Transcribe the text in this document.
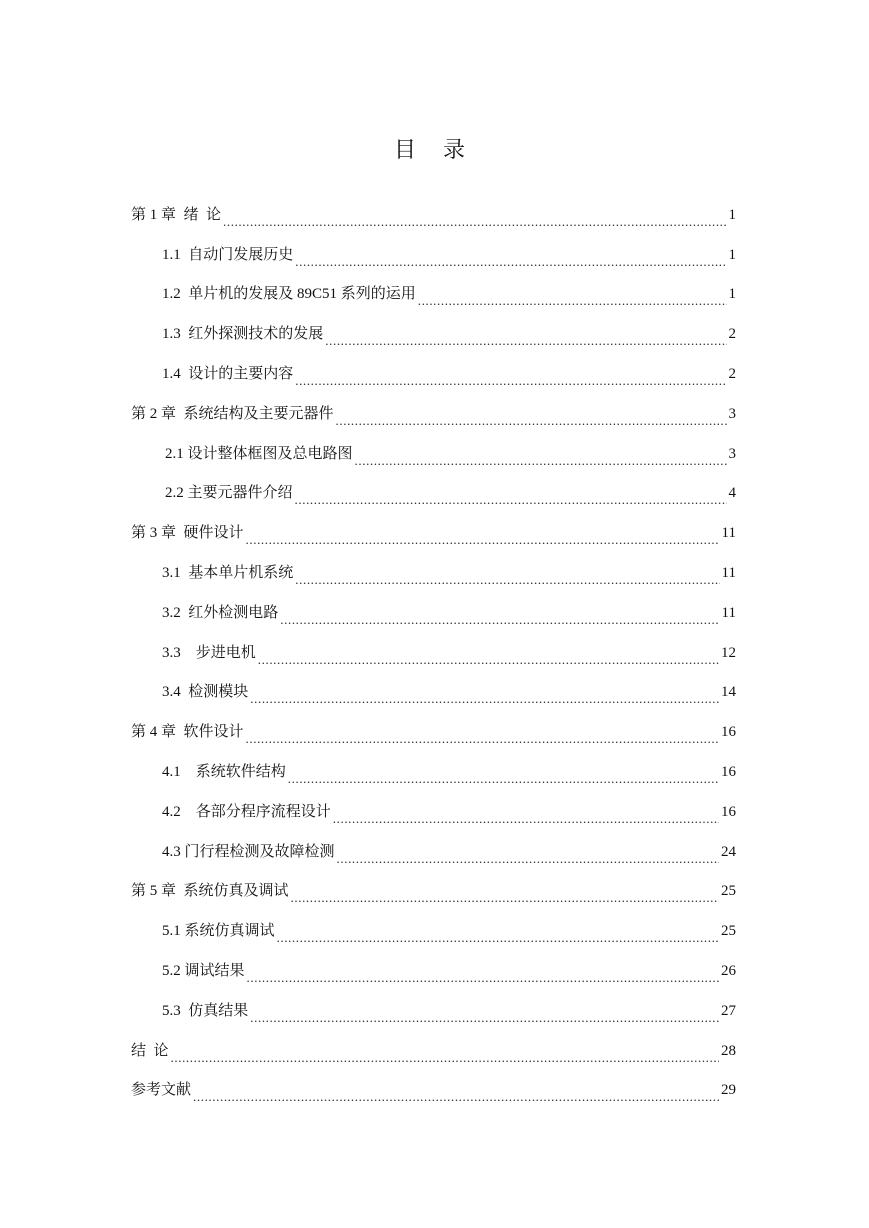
目 录
第 1 章  绪  论 .....	1
1.1  自动门发展历史 .....	1
1.2  单片机的发展及 89C51 系列的运用 .....	1
1.3  红外探测技术的发展 .....	2
1.4  设计的主要内容 .....	2
第 2 章  系统结构及主要元器件 .....	3
2.1 设计整体框图及总电路图 .....	3
2.2 主要元器件介绍 .....	4
第 3 章  硬件设计 .....	11
3.1  基本单片机系统 .....	11
3.2  红外检测电路 .....	11
3.3    步进电机 .....	12
3.4  检测模块 .....	14
第 4 章  软件设计 .....	16
4.1    系统软件结构 .....	16
4.2    各部分程序流程设计 .....	16
4.3 门行程检测及故障检测 .....	24
第 5 章  系统仿真及调试 .....	25
5.1 系统仿真调试 .....	25
5.2 调试结果 .....	26
5.3  仿真结果 .....	27
结  论 .....	28
参考文献 .....	29
